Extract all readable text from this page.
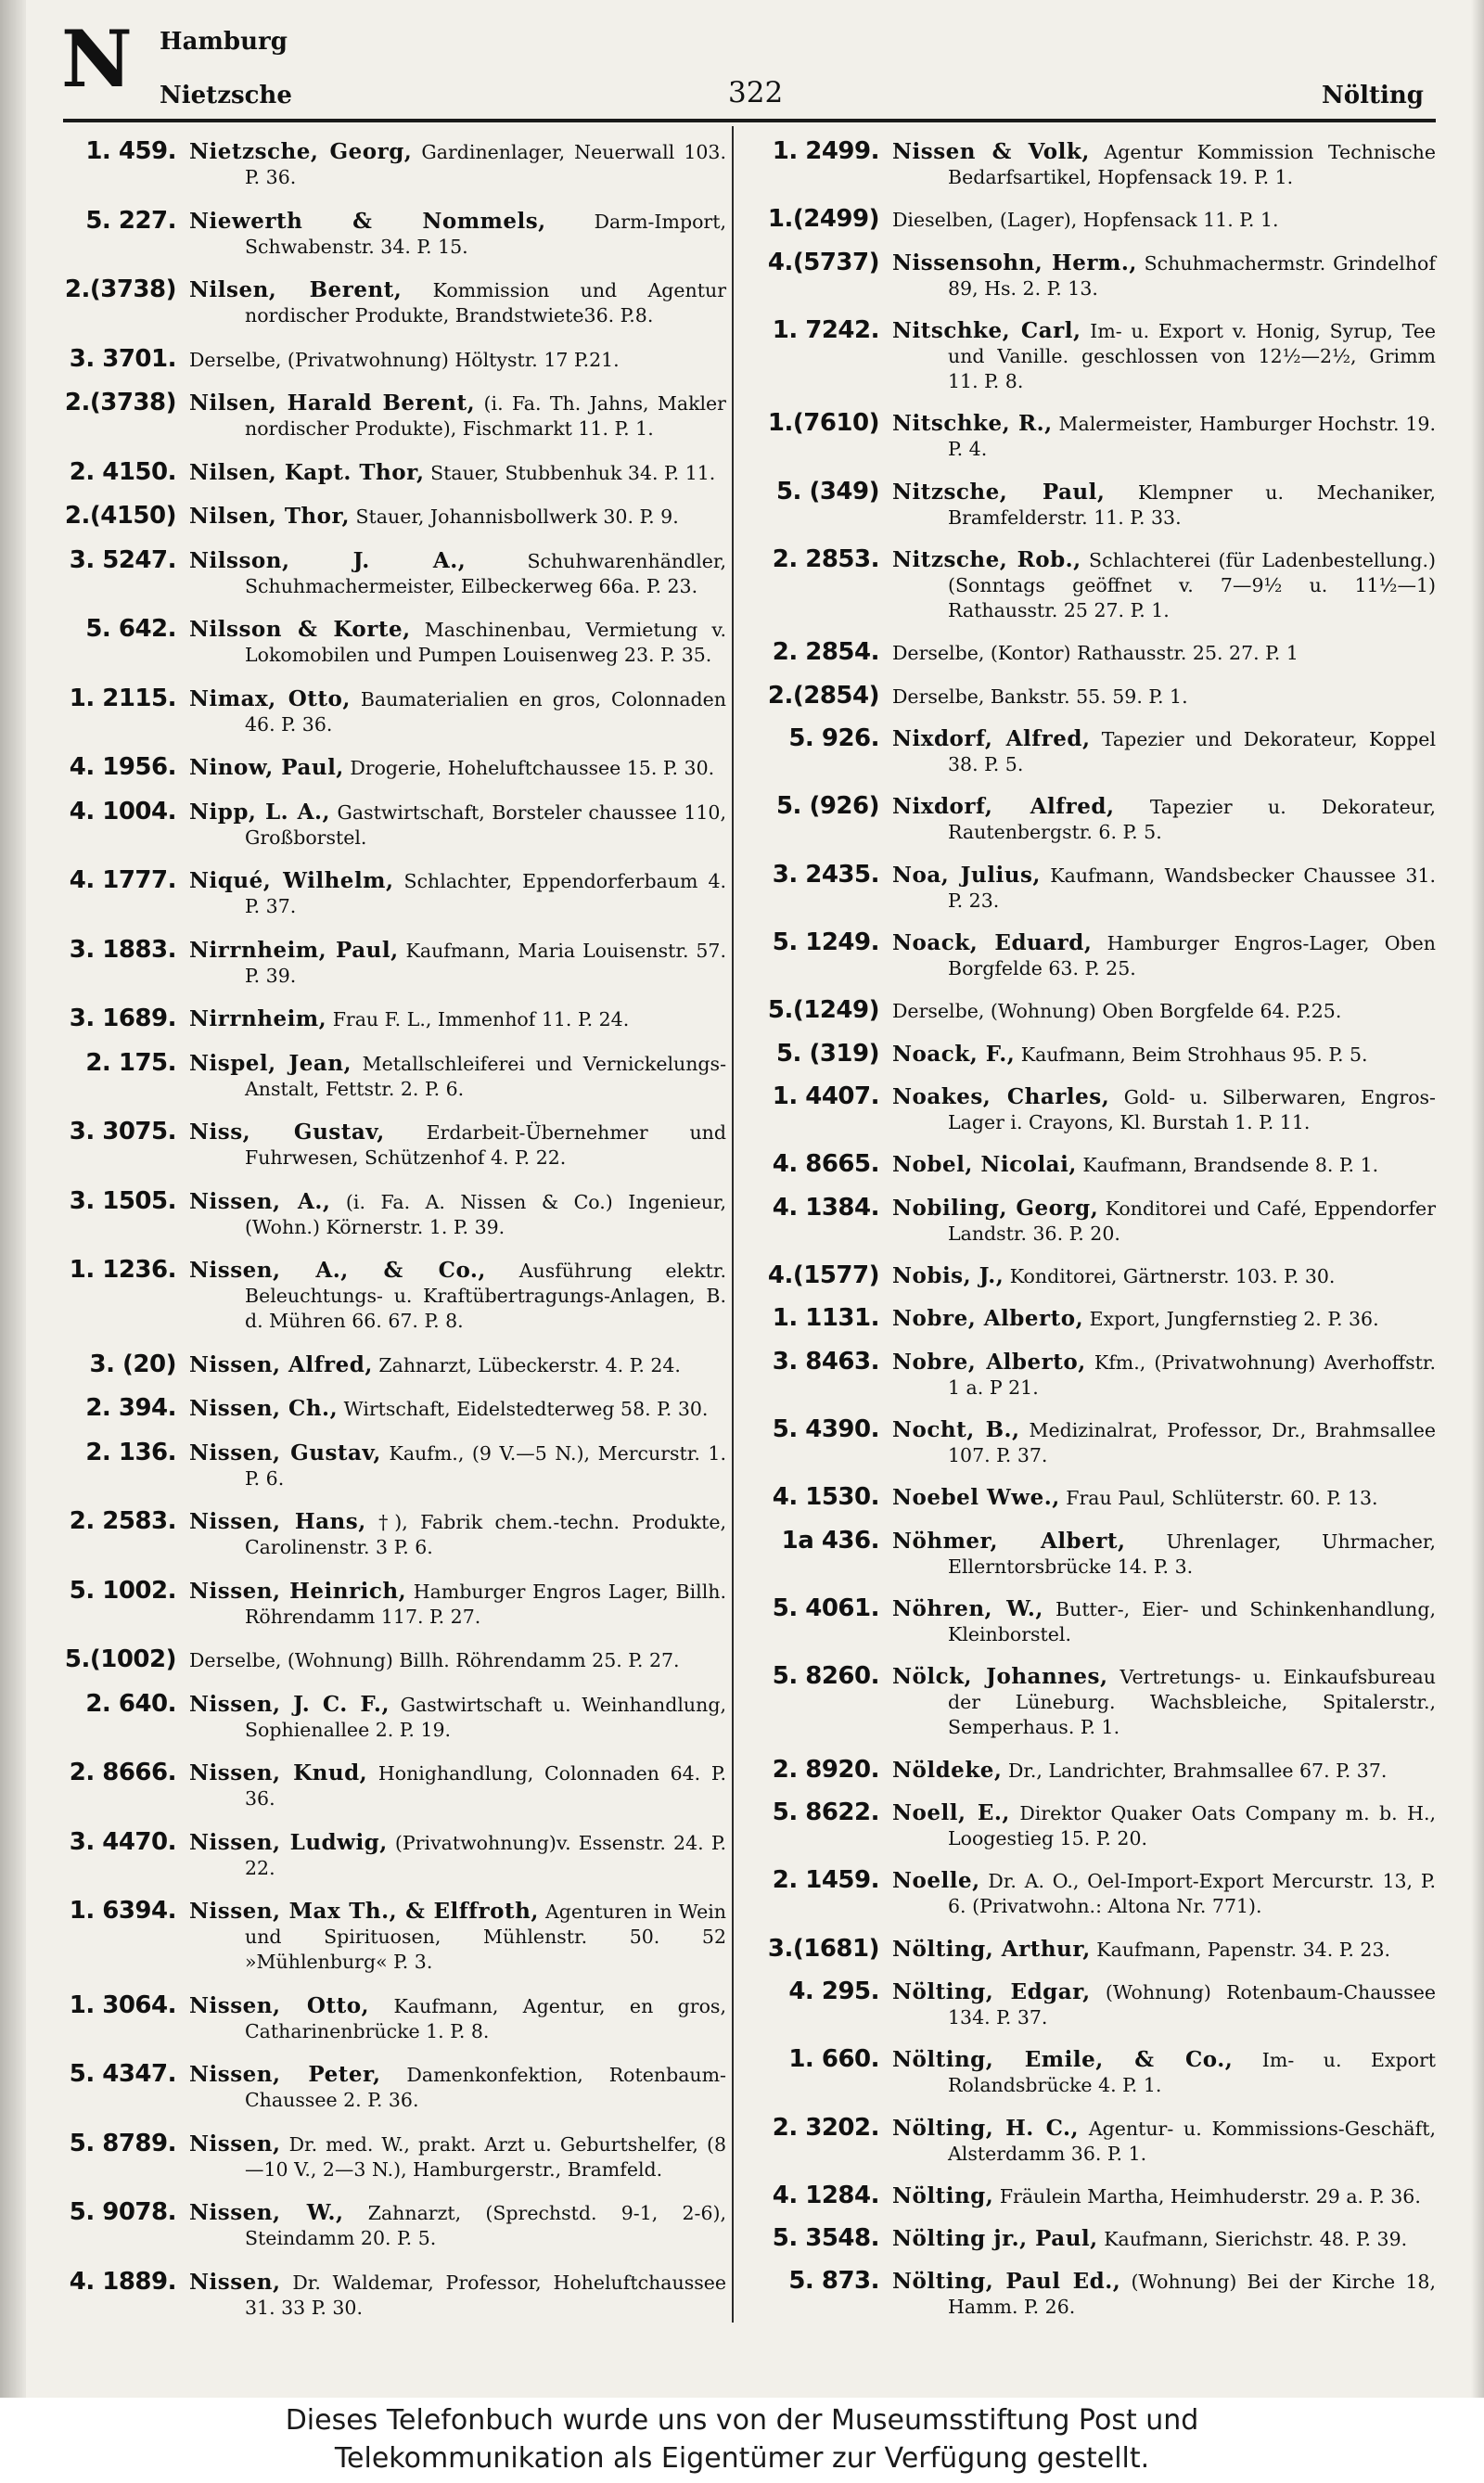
N Hamburg
Nietzsche	322	Nölting
1. 459. Nietzsche, Georg, Gardinenlager, Neuerwall 103. P. 36.
5. 227. Niewerth & Nommels,	Darm-Import, Schwabenstr. 34. P. 15.
2.(3738) Nilsen, Berent, Kommission und Agentur nordischer Produkte, Brandstwiete36. P.8.
3. 3701. Derselbe, (Privatwohnung) Höltystr. 17 P.21.
2.(3738) Nilsen, Harald Berent, (i. Fa. Th. Jahns, Makler nordischer Produkte), Fischmarkt 11. P. 1.
2. 4150. Nilsen, Kapt. Thor, Stauer, Stubbenhuk 34. P. 11.
2.(4150) Nilsen, Thor, Stauer, Johannisbollwerk 30. P. 9.
3. 5247. Nilsson, J. A.,	Schuhwarenhändler, Schuhmachermeister, Eilbeckerweg 66a. P. 23.
5. 642. Nilsson & Korte, Maschinenbau, Vermietung v. Lokomobilen und Pumpen Louisenweg 23. P. 35.
1. 2115. Nimax, Otto, Baumaterialien en gros, Colonnaden 46. P. 36.
4. 1956. Ninow, Paul, Drogerie, Hoheluftchaussee 15. P. 30.
4. 1004. Nipp, L. A., Gastwirtschaft, Borsteler chaussee 110, Großborstel.
4. 1777. Niqué, Wilhelm, Schlachter, Eppendorferbaum 4. P. 37.
3. 1883. Nirrnheim, Paul, Kaufmann, Maria Louisenstr. 57. P. 39.
3. 1689. Nirrnheim, Frau F. L., Immenhof 11. P. 24.
2. 175. Nispel, Jean, Metallschleiferei und Vernickelungs-Anstalt, Fettstr. 2. P. 6.
3. 3075. Niss, Gustav, Erdarbeit-Übernehmer und Fuhrwesen, Schützenhof 4. P. 22.
3. 1505. Nissen, A., (i. Fa. A. Nissen & Co.) Ingenieur, (Wohn.) Körnerstr. 1. P. 39.
1. 1236. Nissen, A., & Co., Ausführung elektr. Beleuchtungs- u. Kraftübertragungs-Anlagen, B. d. Mühren 66. 67. P. 8.
3. (20) Nissen, Alfred, Zahnarzt, Lübeckerstr. 4. P. 24.
2. 394. Nissen, Ch., Wirtschaft, Eidelstedterweg 58. P. 30.
2. 136. Nissen, Gustav, Kaufm., (9 V.—5 N.), Mercurstr. 1. P. 6.
2. 2583. Nissen, Hans, †), Fabrik chem.-techn. Produkte, Carolinenstr. 3 P. 6.
5. 1002. Nissen, Heinrich, Hamburger Engros Lager, Billh. Röhrendamm 117. P. 27.
5.(1002) Derselbe, (Wohnung) Billh. Röhrendamm 25. P. 27.
2. 640. Nissen, J. C. F., Gastwirtschaft u. Weinhandlung, Sophienallee 2. P. 19.
2. 8666. Nissen, Knud, Honighandlung, Colonnaden 64. P. 36.
3. 4470. Nissen, Ludwig, (Privatwohnung)v. Essenstr. 24. P. 22.
1. 6394. Nissen, Max Th., & Elffroth, Agenturen in Wein und Spirituosen, Mühlenstr. 50. 52 »Mühlenburg« P. 3.
1. 3064. Nissen, Otto, Kaufmann, Agentur, en gros, Catharinenbrücke 1. P. 8.
5. 4347. Nissen, Peter, Damenkonfektion, Rotenbaum-Chaussee 2. P. 36.
5. 8789. Nissen, Dr. med. W., prakt. Arzt u. Geburtshelfer, (8—10 V., 2—3 N.), Hamburgerstr., Bramfeld.
5. 9078. Nissen, W., Zahnarzt, (Sprechstd. 9-1, 2-6), Steindamm 20. P. 5.
4. 1889. Nissen, Dr. Waldemar, Professor, Hoheluftchaussee 31. 33 P. 30.
1. 2499. Nissen & Volk, Agentur Kommission Technische Bedarfsartikel, Hopfensack 19. P. 1.
1.(2499) Dieselben, (Lager), Hopfensack 11. P. 1.
4.(5737) Nissensohn, Herm., Schuhmachermstr. Grindelhof 89, Hs. 2. P. 13.
1. 7242. Nitschke, Carl, Im- u. Export v. Honig, Syrup, Tee und Vanille. geschlossen von 12½—2½, Grimm 11. P. 8.
1.(7610) Nitschke, R., Malermeister, Hamburger Hochstr. 19. P. 4.
5. (349) Nitzsche, Paul, Klempner u. Mechaniker, Bramfelderstr. 11. P. 33.
2. 2853. Nitzsche, Rob., Schlachterei (für Ladenbestellung.) (Sonntags geöffnet v. 7—9½ u. 11½—1) Rathausstr. 25 27. P. 1.
2. 2854. Derselbe, (Kontor) Rathausstr. 25. 27. P. 1
2.(2854) Derselbe, Bankstr. 55. 59. P. 1.
5. 926. Nixdorf, Alfred, Tapezier und Dekorateur, Koppel 38. P. 5.
5. (926) Nixdorf, Alfred, Tapezier u. Dekorateur, Rautenbergstr. 6. P. 5.
3. 2435. Noa, Julius, Kaufmann, Wandsbecker Chaussee 31. P. 23.
5. 1249. Noack, Eduard, Hamburger Engros-Lager, Oben Borgfelde 63. P. 25.
5.(1249) Derselbe, (Wohnung) Oben Borgfelde 64. P.25.
5. (319) Noack, F., Kaufmann, Beim Strohhaus 95. P. 5.
1. 4407. Noakes, Charles, Gold- u. Silberwaren, Engros-Lager i. Crayons, Kl. Burstah 1. P. 11.
4. 8665. Nobel, Nicolai, Kaufmann, Brandsende 8. P. 1.
4. 1384. Nobiling, Georg, Konditorei und Café, Eppendorfer Landstr. 36. P. 20.
4.(1577) Nobis, J., Konditorei, Gärtnerstr. 103. P. 30.
1. 1131. Nobre, Alberto, Export, Jungfernstieg 2. P. 36.
3. 8463. Nobre, Alberto, Kfm., (Privatwohnung) Averhoffstr. 1 a. P 21.
5. 4390. Nocht, B., Medizinalrat, Professor, Dr., Brahmsallee 107. P. 37.
4. 1530. Noebel Wwe., Frau Paul, Schlüterstr. 60. P. 13.
1a 436. Nöhmer, Albert, Uhrenlager, Uhrmacher, Ellerntorsbrücke 14. P. 3.
5. 4061. Nöhren, W., Butter-, Eier- und Schinkenhandlung, Kleinborstel.
5. 8260. Nölck, Johannes, Vertretungs- u. Einkaufsbureau der Lüneburg. Wachsbleiche, Spitalerstr., Semperhaus. P. 1.
2. 8920. Nöldeke, Dr., Landrichter, Brahmsallee 67. P. 37.
5. 8622. Noell, E., Direktor Quaker Oats Company m. b. H., Loogestieg 15. P. 20.
2. 1459. Noelle, Dr. A. O., Oel-Import-Export Mercurstr. 13, P. 6. (Privatwohn.: Altona Nr. 771).
3.(1681) Nölting, Arthur, Kaufmann, Papenstr. 34. P. 23.
4. 295. Nölting, Edgar, (Wohnung) Rotenbaum-Chaussee 134. P. 37.
1. 660. Nölting, Emile, & Co., Im- u. Export Rolandsbrücke 4. P. 1.
2. 3202. Nölting, H. C., Agentur- u. Kommissions-Geschäft, Alsterdamm 36. P. 1.
4. 1284. Nölting, Fräulein Martha, Heimhuderstr. 29 a. P. 36.
5. 3548. Nölting jr., Paul, Kaufmann, Sierichstr. 48. P. 39.
5. 873. Nölting, Paul Ed., (Wohnung) Bei der Kirche 18, Hamm. P. 26.
Dieses Telefonbuch wurde uns von der Museumsstiftung Post und
Telekommunikation als Eigentümer zur Verfügung gestellt.
